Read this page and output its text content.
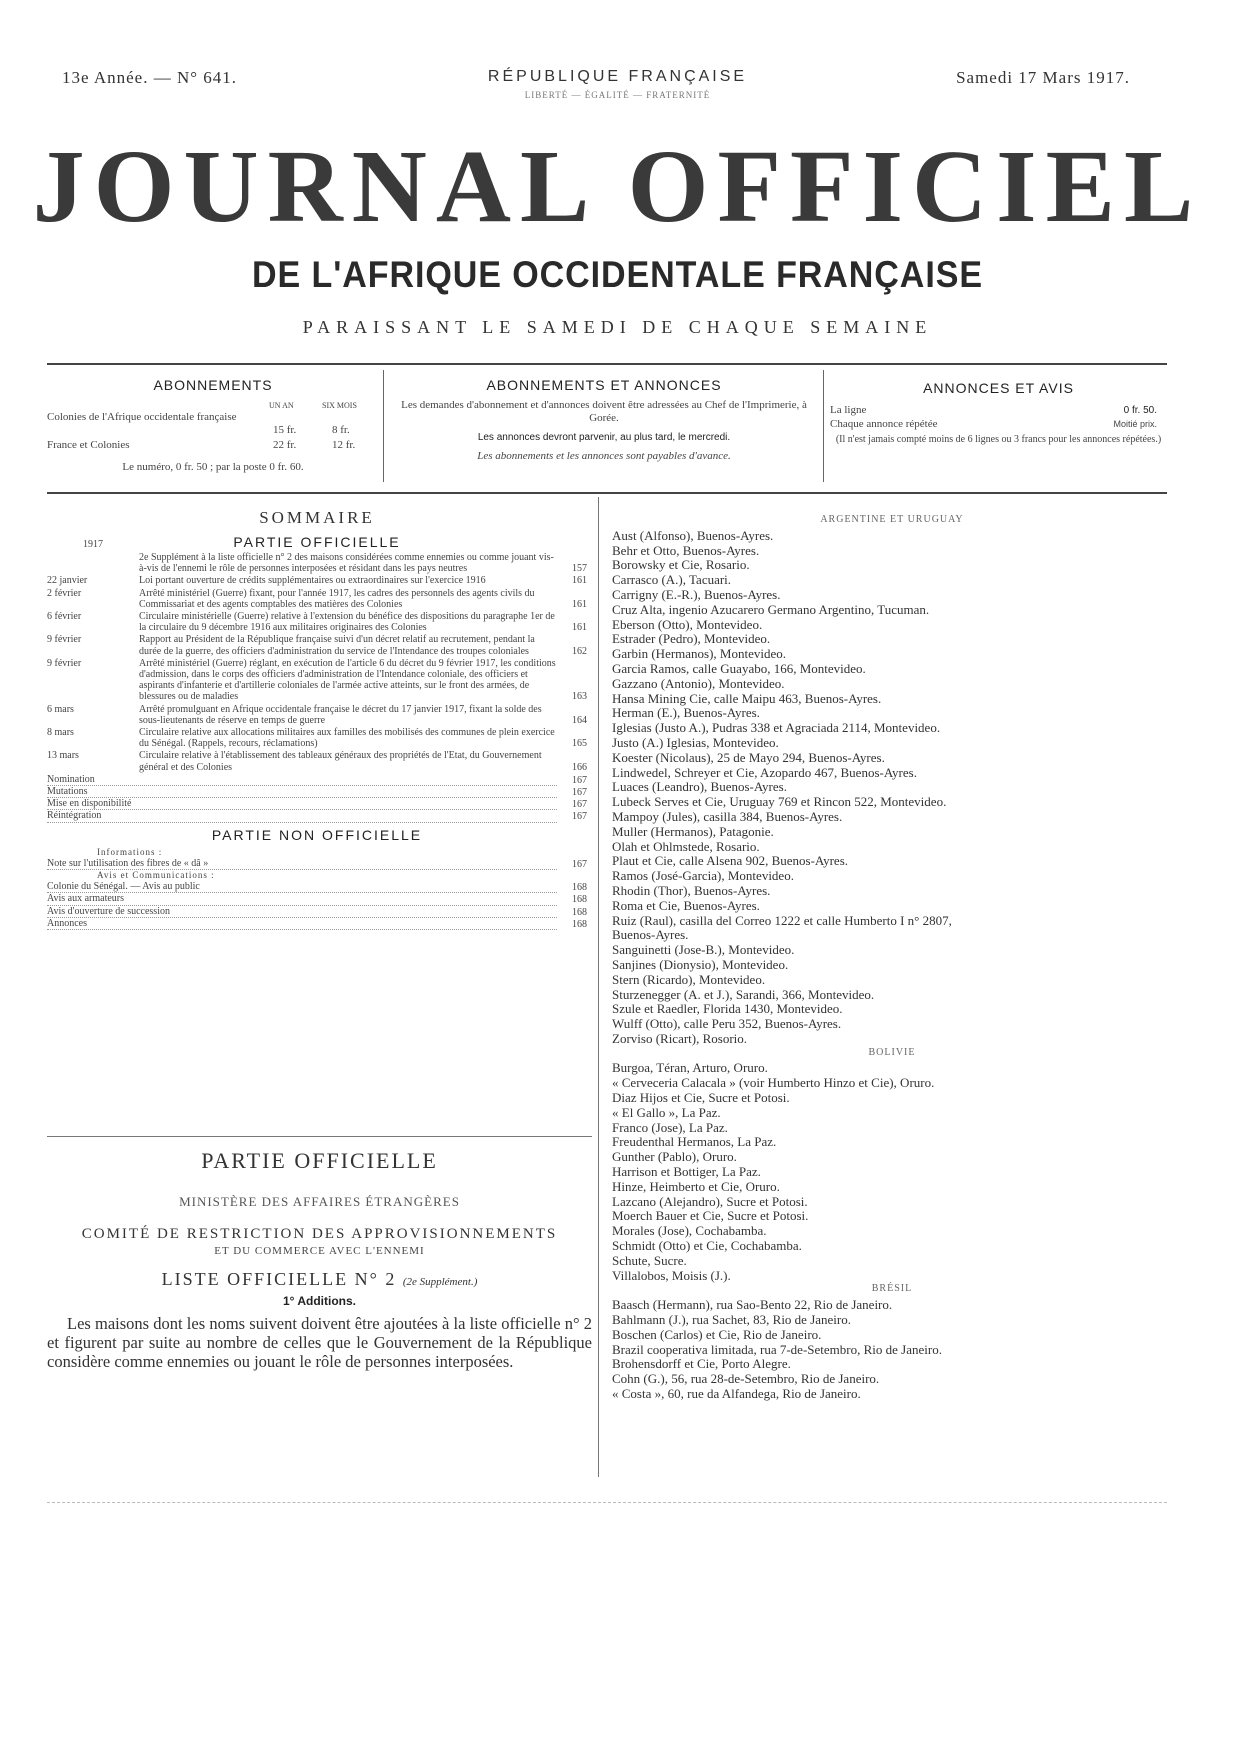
13e Année. — N° 641.	RÉPUBLIQUE FRANÇAISE
LIBERTÉ — ÉGALITÉ — FRATERNITÉ
Samedi 17 Mars 1917.
JOURNAL OFFICIEL
DE L'AFRIQUE OCCIDENTALE FRANÇAISE
PARAISSANT LE SAMEDI DE CHAQUE SEMAINE
ABONNEMENTS
UN AN	SIX MOIS
Colonies de l'Afrique occidentale française
15 fr.	8 fr.
France et Colonies	22 fr.	12 fr.
Le numéro, 0 fr. 50 ; par la poste 0 fr. 60.
ABONNEMENTS ET ANNONCES
Les demandes d'abonnement et d'annonces doivent être adressées au Chef de l'Imprimerie, à Gorée.
Les annonces devront parvenir, au plus tard, le mercredi.
Les abonnements et les annonces sont payables d'avance.
ANNONCES ET AVIS
La ligne	0 fr. 50.
Chaque annonce répétée	Moitié prix.
(Il n'est jamais compté moins de 6 lignes ou 3 francs pour les annonces répétées.)
SOMMAIRE
1917	PARTIE OFFICIELLE
2e Supplément à la liste officielle n° 2 des maisons considérées comme ennemies ou comme jouant vis-à-vis de l'ennemi le rôle de personnes interposées et résidant dans les pays neutres	157
22 janvier	Loi portant ouverture de crédits supplémentaires ou extraordinaires sur l'exercice 1916	161
2 février	Arrêté ministériel (Guerre) fixant, pour l'année 1917, les cadres des personnels des agents civils du Commissariat et des agents comptables des matières des Colonies	161
6 février	Circulaire ministérielle (Guerre) relative à l'extension du bénéfice des dispositions du paragraphe 1er de la circulaire du 9 décembre 1916 aux militaires originaires des Colonies	161
9 février	Rapport au Président de la République française suivi d'un décret relatif au recrutement, pendant la durée de la guerre, des officiers d'administration du service de l'Intendance des troupes coloniales	162
9 février	Arrêté ministériel (Guerre) réglant, en exécution de l'article 6 du décret du 9 février 1917, les conditions d'admission, dans le corps des officiers d'administration de l'Intendance coloniale, des officiers et aspirants d'infanterie et d'artillerie coloniales de l'armée active atteints, sur le front des armées, de blessures ou de maladies	163
6 mars	Arrêté promulguant en Afrique occidentale française le décret du 17 janvier 1917, fixant la solde des sous-lieutenants de réserve en temps de guerre	164
8 mars	Circulaire relative aux allocations militaires aux familles des mobilisés des communes de plein exercice du Sénégal. (Rappels, recours, réclamations)	165
13 mars	Circulaire relative à l'établissement des tableaux généraux des propriétés de l'Etat, du Gouvernement général et des Colonies	166
Nomination	167
Mutations	167
Mise en disponibilité	167
Réintégration	167
PARTIE NON OFFICIELLE
Informations :
Note sur l'utilisation des fibres de « dâ »	167
Avis et Communications :
Colonie du Sénégal. — Avis au public	168
Avis aux armateurs	168
Avis d'ouverture de succession	168
Annonces	168
PARTIE OFFICIELLE
MINISTÈRE DES AFFAIRES ÉTRANGÈRES
COMITÉ DE RESTRICTION DES APPROVISIONNEMENTS
ET DU COMMERCE AVEC L'ENNEMI
LISTE OFFICIELLE N° 2 (2e Supplément.)
1° Additions.
Les maisons dont les noms suivent doivent être ajoutées à la liste officielle n° 2 et figurent par suite au nombre de celles que le Gouvernement de la République considère comme ennemies ou jouant le rôle de personnes interposées.
ARGENTINE ET URUGUAY
Aust (Alfonso), Buenos-Ayres.
Behr et Otto, Buenos-Ayres.
Borowsky et Cie, Rosario.
Carrasco (A.), Tacuari.
Carrigny (E.-R.), Buenos-Ayres.
Cruz Alta, ingenio Azucarero Germano Argentino, Tucuman.
Eberson (Otto), Montevideo.
Estrader (Pedro), Montevideo.
Garbin (Hermanos), Montevideo.
Garcia Ramos, calle Guayabo, 166, Montevideo.
Gazzano (Antonio), Montevideo.
Hansa Mining Cie, calle Maipu 463, Buenos-Ayres.
Herman (E.), Buenos-Ayres.
Iglesias (Justo A.), Pudras 338 et Agraciada 2114, Montevideo.
Justo (A.) Iglesias, Montevideo.
Koester (Nicolaus), 25 de Mayo 294, Buenos-Ayres.
Lindwedel, Schreyer et Cie, Azopardo 467, Buenos-Ayres.
Luaces (Leandro), Buenos-Ayres.
Lubeck Serves et Cie, Uruguay 769 et Rincon 522, Montevideo.
Mampoy (Jules), casilla 384, Buenos-Ayres.
Muller (Hermanos), Patagonie.
Olah et Ohlmstede, Rosario.
Plaut et Cie, calle Alsena 902, Buenos-Ayres.
Ramos (José-Garcia), Montevideo.
Rhodin (Thor), Buenos-Ayres.
Roma et Cie, Buenos-Ayres.
Ruiz (Raul), casilla del Correo 1222 et calle Humberto I n° 2807,
Buenos-Ayres.
Sanguinetti (Jose-B.), Montevideo.
Sanjines (Dionysio), Montevideo.
Stern (Ricardo), Montevideo.
Sturzenegger (A. et J.), Sarandi, 366, Montevideo.
Szule et Raedler, Florida 1430, Montevideo.
Wulff (Otto), calle Peru 352, Buenos-Ayres.
Zorviso (Ricart), Rosorio.
BOLIVIE
Burgoa, Téran, Arturo, Oruro.
« Cerveceria Calacala » (voir Humberto Hinzo et Cie), Oruro.
Diaz Hijos et Cie, Sucre et Potosi.
« El Gallo », La Paz.
Franco (Jose), La Paz.
Freudenthal Hermanos, La Paz.
Gunther (Pablo), Oruro.
Harrison et Bottiger, La Paz.
Hinze, Heimberto et Cie, Oruro.
Lazcano (Alejandro), Sucre et Potosi.
Moerch Bauer et Cie, Sucre et Potosi.
Morales (Jose), Cochabamba.
Schmidt (Otto) et Cie, Cochabamba.
Schute, Sucre.
Villalobos, Moisis (J.).
BRÉSIL
Baasch (Hermann), rua Sao-Bento 22, Rio de Janeiro.
Bahlmann (J.), rua Sachet, 83, Rio de Janeiro.
Boschen (Carlos) et Cie, Rio de Janeiro.
Brazil cooperativa limitada, rua 7-de-Setembro, Rio de Janeiro.
Brohensdorff et Cie, Porto Alegre.
Cohn (G.), 56, rua 28-de-Setembro, Rio de Janeiro.
« Costa », 60, rue da Alfandega, Rio de Janeiro.
